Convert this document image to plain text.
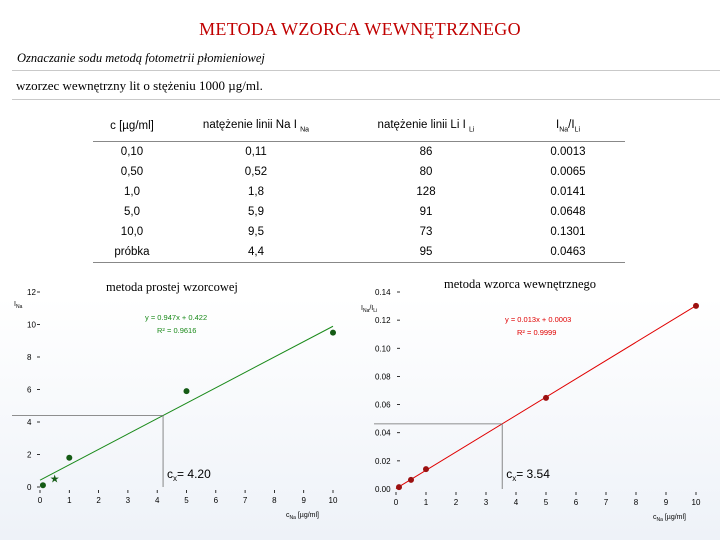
METODA WZORCA WEWNĘTRZNEGO
Oznaczanie sodu metodą fotometrii płomieniowej
wzorzec wewnętrzny lit o stężeniu 1000 µg/ml.
c [µg/ml]	natężenie linii Na I $_{Na}$	natężenie linii Li I $_{Li}$	$I_{Na}/I_{Li}$
0,10	0,11	86	0.0013
0,50	0,52	80	0.0065
1,0	1,8	128	0.0141
5,0	5,9	91	0.0648
10,0	9,5	73	0.1301
próbka	4,4	95	0.0463
metoda prostej wzorcowej	metoda wzorca wewnętrznego
0
2
4
6
8
10
12
0	1	2	3	4	5	6	7	8	9	10
$I_{Na}$
$c_{Na}$ [µg/ml]
★
y = 0.947x + 0.422
R² = 0.9616
$c_x= 4.20$
0.00
0.02
0.04
0.06
0.08
0.10
0.12
0.14
0	1	2	3	4	5	6	7	8	9	10
$I_{Na}/I_{Li}$
$c_{Na}$ [µg/ml]
y = 0.013x + 0.0003
R² = 0.9999
$c_x= 3.54$
